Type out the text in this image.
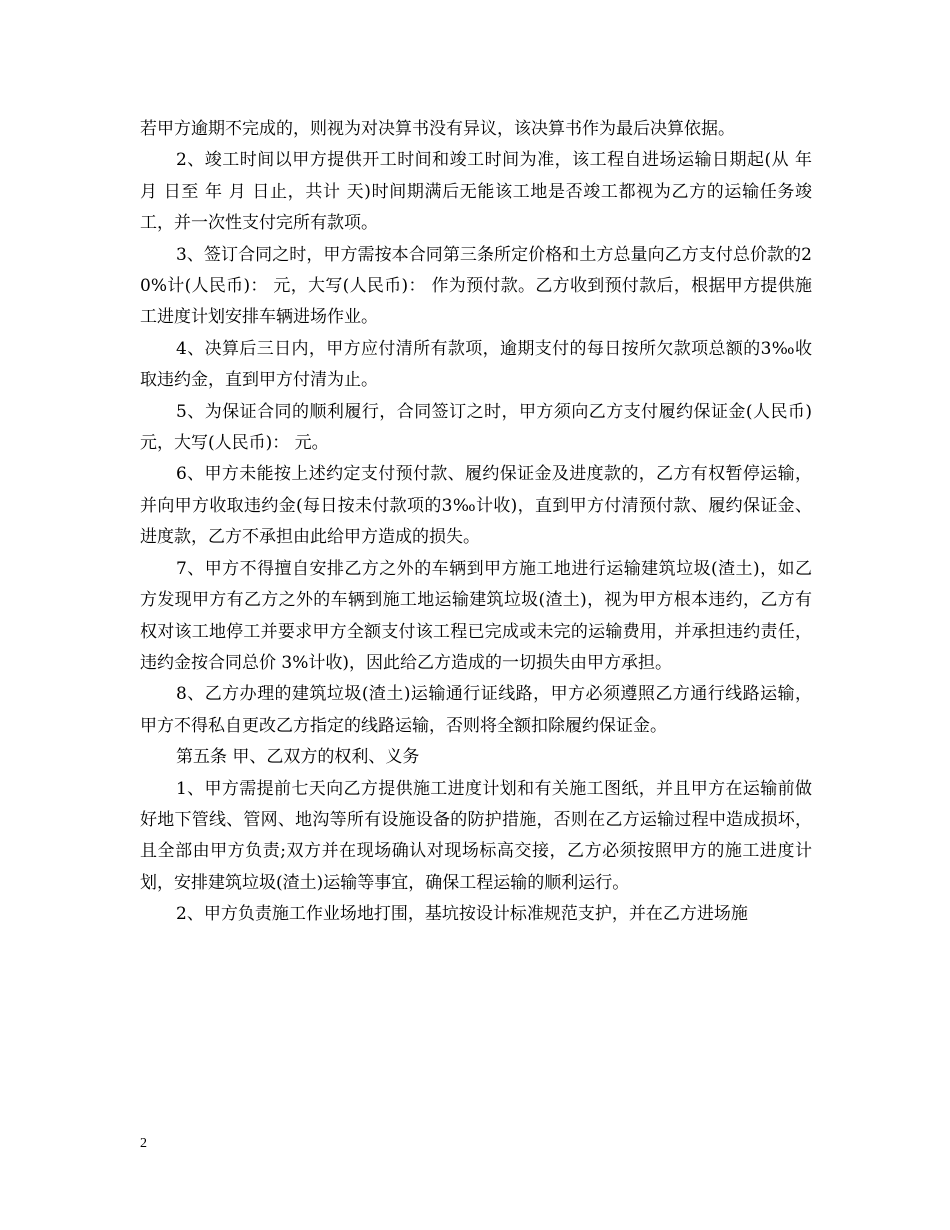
若甲方逾期不完成的，则视为对决算书没有异议，该决算书作为最后决算依据。

2、竣工时间以甲方提供开工时间和竣工时间为准，该工程自进场运输日期起(从 年 月 日至 年 月 日止，共计 天)时间期满后无能该工地是否竣工都视为乙方的运输任务竣工，并一次性支付完所有款项。

3、签订合同之时，甲方需按本合同第三条所定价格和土方总量向乙方支付总价款的20%计(人民币)： 元，大写(人民币)： 作为预付款。乙方收到预付款后，根据甲方提供施工进度计划安排车辆进场作业。

4、决算后三日内，甲方应付清所有款项，逾期支付的每日按所欠款项总额的3‰收取违约金，直到甲方付清为止。

5、为保证合同的顺利履行，合同签订之时，甲方须向乙方支付履约保证金(人民币) 元，大写(人民币)： 元。

6、甲方未能按上述约定支付预付款、履约保证金及进度款的，乙方有权暂停运输，并向甲方收取违约金(每日按未付款项的3‰计收)，直到甲方付清预付款、履约保证金、进度款，乙方不承担由此给甲方造成的损失。

7、甲方不得擅自安排乙方之外的车辆到甲方施工地进行运输建筑垃圾(渣土)，如乙方发现甲方有乙方之外的车辆到施工地运输建筑垃圾(渣土)，视为甲方根本违约，乙方有权对该工地停工并要求甲方全额支付该工程已完成或未完的运输费用，并承担违约责任，违约金按合同总价 3%计收)，因此给乙方造成的一切损失由甲方承担。

8、乙方办理的建筑垃圾(渣土)运输通行证线路，甲方必须遵照乙方通行线路运输，甲方不得私自更改乙方指定的线路运输，否则将全额扣除履约保证金。

第五条 甲、乙双方的权利、义务

1、甲方需提前七天向乙方提供施工进度计划和有关施工图纸，并且甲方在运输前做好地下管线、管网、地沟等所有设施设备的防护措施，否则在乙方运输过程中造成损坏，且全部由甲方负责;双方并在现场确认对现场标高交接，乙方必须按照甲方的施工进度计划，安排建筑垃圾(渣土)运输等事宜，确保工程运输的顺利运行。

2、甲方负责施工作业场地打围，基坑按设计标准规范支护，并在乙方进场施

2
